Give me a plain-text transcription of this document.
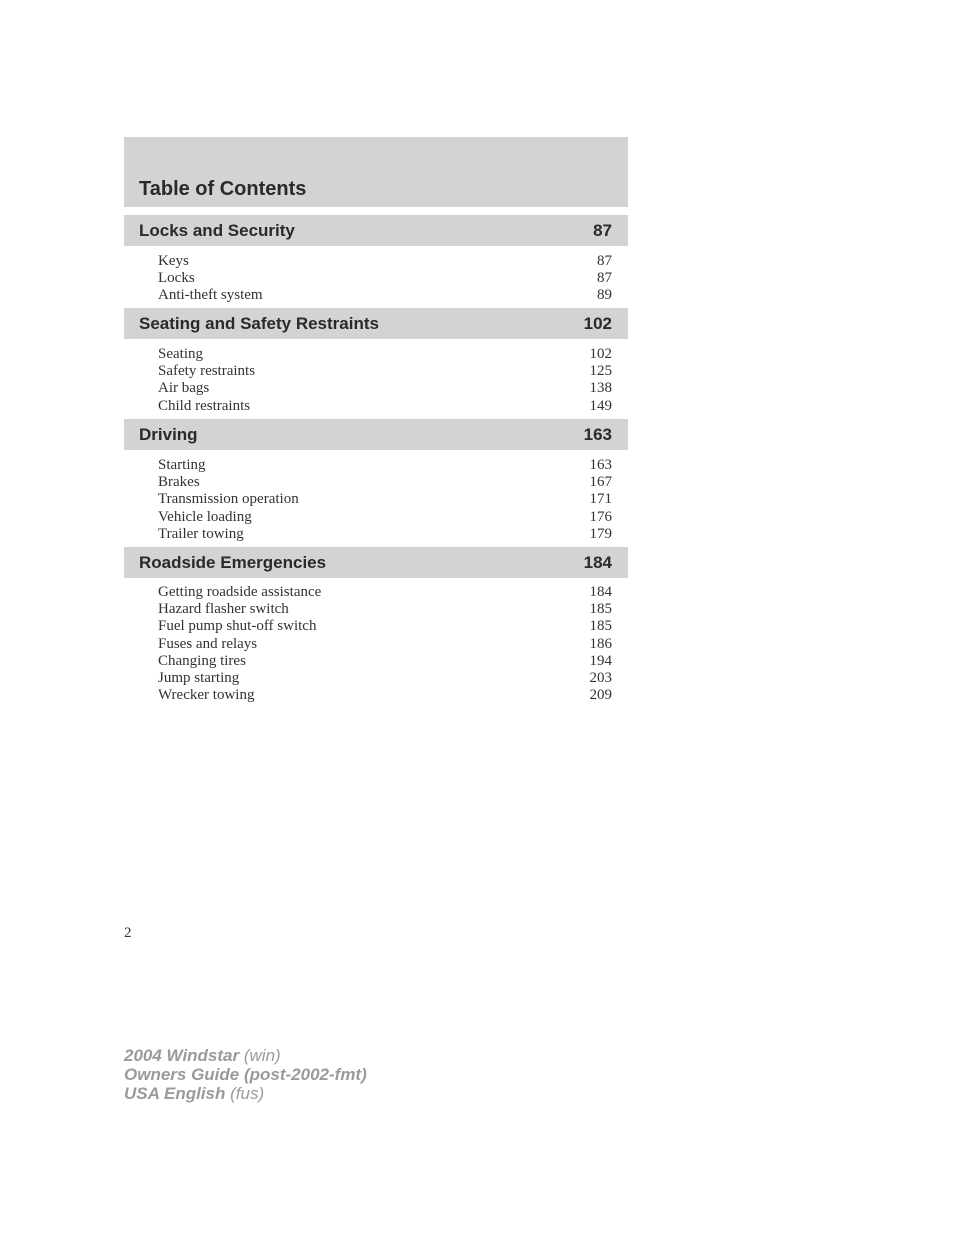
Table of Contents
Locks and Security	87
Keys	87
Locks	87
Anti-theft system	89
Seating and Safety Restraints	102
Seating	102
Safety restraints	125
Air bags	138
Child restraints	149
Driving	163
Starting	163
Brakes	167
Transmission operation	171
Vehicle loading	176
Trailer towing	179
Roadside Emergencies	184
Getting roadside assistance	184
Hazard flasher switch	185
Fuel pump shut-off switch	185
Fuses and relays	186
Changing tires	194
Jump starting	203
Wrecker towing	209
2
2004 Windstar (win)
Owners Guide (post-2002-fmt)
USA English (fus)
